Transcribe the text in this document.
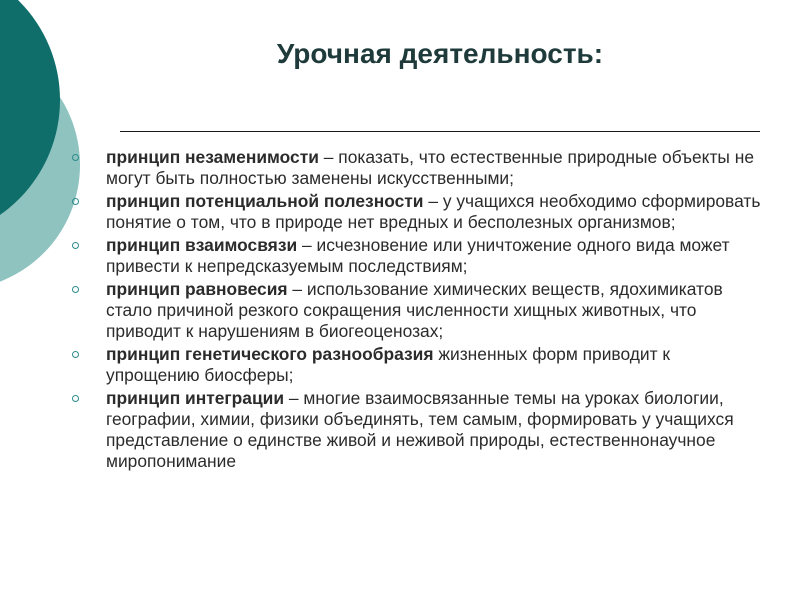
Урочная деятельность:
принцип незаменимости – показать, что естественные природные объекты не могут быть полностью заменены искусственными;
принцип потенциальной полезности – у учащихся необходимо сформировать понятие о том, что в природе нет вредных и бесполезных организмов;
принцип взаимосвязи – исчезновение или уничтожение одного вида может привести к непредсказуемым последствиям;
принцип равновесия – использование химических веществ, ядохимикатов стало причиной резкого сокращения численности хищных животных, что приводит к нарушениям в биогеоценозах;
принцип генетического разнообразия жизненных форм приводит к упрощению биосферы;
принцип интеграции – многие взаимосвязанные темы на уроках биологии, географии, химии, физики объединять, тем самым, формировать у учащихся представление о единстве живой и неживой природы, естественнонаучное миропонимание
